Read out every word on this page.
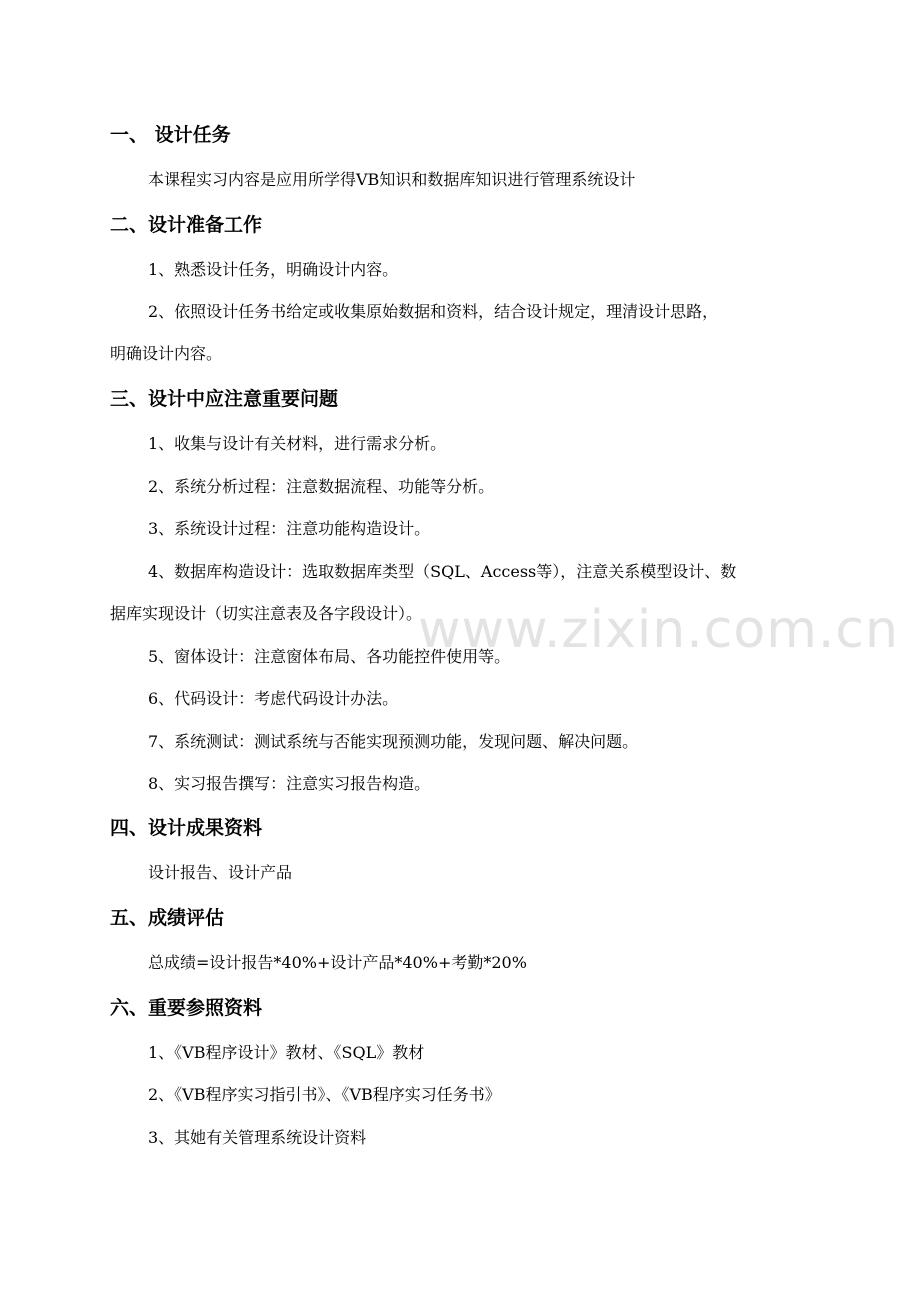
www.zixin.com.cn
一、 设计任务
本课程实习内容是应用所学得VB知识和数据库知识进行管理系统设计
二、设计准备工作
1、熟悉设计任务，明确设计内容。
2、依照设计任务书给定或收集原始数据和资料，结合设计规定，理清设计思路，
明确设计内容。
三、设计中应注意重要问题
1、收集与设计有关材料，进行需求分析。
2、系统分析过程：注意数据流程、功能等分析。
3、系统设计过程：注意功能构造设计。
4、数据库构造设计：选取数据库类型（SQL、Access等），注意关系模型设计、数
据库实现设计（切实注意表及各字段设计）。
5、窗体设计：注意窗体布局、各功能控件使用等。
6、代码设计：考虑代码设计办法。
7、系统测试：测试系统与否能实现预测功能，发现问题、解决问题。
8、实习报告撰写：注意实习报告构造。
四、设计成果资料
设计报告、设计产品
五、成绩评估
总成绩=设计报告*40%+设计产品*40%+考勤*20%
六、重要参照资料
1、《VB程序设计》教材、《SQL》教材
2、《VB程序实习指引书》、《VB程序实习任务书》
3、其她有关管理系统设计资料
